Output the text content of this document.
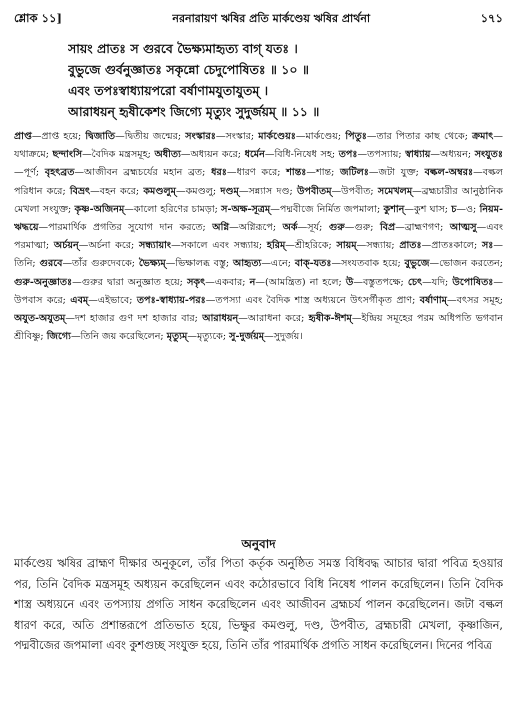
শ্লোক ১১]	নরনারায়ণ ঋষির প্রতি মার্কণ্ডেয় ঋষির প্রার্থনা	১৭১
সায়ং প্রাতঃ স গুরবে ভৈক্ষ্যমাহৃত্য বাগ্‌ যতঃ ।
বুভুজে গুর্বনুজ্ঞাতঃ সকৃন্নো চেদুপোষিতঃ ॥ ১০ ॥
এবং তপঃস্বাধ্যায়পরো বর্ষাণামযুতাযুতম্‌ ।
আরাধয়ন্‌ হৃষীকেশং জিগ্যে মৃত্যুং সুদুর্জয়ম্‌ ॥ ১১ ॥
প্রাপ্ত—প্রাপ্ত হয়ে; দ্বিজাতি—দ্বিতীয় জন্মের; সংস্কারঃ—সংস্কার; মার্কণ্ডেয়ঃ—মার্কণ্ডেয়; পিতুঃ—তার পিতার কাছ থেকে; ক্রমাৎ—যথাক্রমে; ছন্দাংসি—বৈদিক মন্ত্রসমূহ; অধীত্য—অধ্যয়ন করে; ধর্মেন—বিধি-নিষেধ সহ; তপঃ—তপস্যায়; স্বাধ্যায়—অধ্যয়ন; সংযুতঃ—পূর্ণ; বৃহৎব্রত—আজীবন ব্রহ্মচর্যের মহান ব্রত; ধরঃ—ধারণ করে; শান্তঃ—শান্ত; জটিলঃ—জটা যুক্ত; বল্কল-অম্বরঃ—বল্কল পরিধান করে; বিভ্রৎ—বহন করে; কমণ্ডলুম্‌—কমণ্ডলু; দণ্ডম্‌—সন্ন্যাস দণ্ড; উপবীতম্‌—উপবীত; সমেখলম্‌—ব্রহ্মচারীর আনুষ্ঠানিক মেখলা সংযুক্ত; কৃষ্ণ-অজিনম্‌—কালো হরিণের চামড়া; স-অক্ষ-সূত্রম্‌—পদ্মবীজে নির্মিত জপমালা; কুশান্‌—কুশ ঘাস; চ—ও; নিয়ম-ঋদ্ধয়ে—পারমার্থিক প্রগতির সুযোগ দান করতে; অগ্নি—অগ্নিরূপে; অর্ক—সূর্য; গুরু—গুরু; বিপ্র—ব্রাহ্মণগণ; আত্মসু—এবং পরমাত্মা; অর্চয়ন্‌—অর্চনা করে; সন্ধ্যায়াং—সকালে এবং সন্ধ্যায়; হরিম্‌—শ্রীহরিকে; সায়ম্‌—সন্ধ্যায়; প্রাতঃ—প্রাতঃকালে; সঃ—তিনি; গুরবে—তাঁর গুরুদেবকে; ভৈক্ষ্যম্‌—ভিক্ষালব্ধ বস্তু; আহৃত্য—এনে; বাক্‌-যতঃ—সংযতবাক হয়ে; বুভুজে—ভোজন করতেন; গুরু-অনুজ্ঞাতঃ—গুরুর দ্বারা অনুজ্ঞাত হয়ে; সকৃৎ—একবার; ন—(আমন্ত্রিত) না হলে; উ—বস্তুতপক্ষে; চেৎ—যদি; উপোষিতঃ—উপবাস করে; এবম্‌—এইভাবে; তপঃ-স্বাধ্যায়-পরঃ—তপস্যা এবং বৈদিক শাস্ত্র অধ্যয়নে উৎসর্গীকৃত প্রাণ; বর্ষাণাম্‌—বৎসর সমূহ; অযুত-অযুতম্‌—দশ হাজার গুণ দশ হাজার বার; আরাধয়ন্‌—আরাধনা করে; হৃষীক-ঈশম্‌—ইন্দ্রিয় সমূহের পরম অধিপতি ভগবান শ্রীবিষ্ণু; জিগ্যে—তিনি জয় করেছিলেন; মৃত্যুম্‌—মৃত্যুকে; সু-দুর্জয়ম্‌—সুদুর্জয়।
অনুবাদ
মার্কণ্ডেয় ঋষির ব্রাহ্মণ দীক্ষার অনুকূলে, তাঁর পিতা কর্তৃক অনুষ্ঠিত সমস্ত বিধিবদ্ধ আচার দ্বারা পবিত্র হওয়ার পর, তিনি বৈদিক মন্ত্রসমূহ অধ্যয়ন করেছিলেন এবং কঠোরভাবে বিধি নিষেধ পালন করেছিলেন। তিনি বৈদিক শাস্ত্র অধ্যয়নে এবং তপস্যায় প্রগতি সাধন করেছিলেন এবং আজীবন ব্রহ্মচর্য পালন করেছিলেন। জটা বল্কল ধারণ করে, অতি প্রশান্তরূপে প্রতিভাত হয়ে, ভিক্ষুর কমণ্ডলু, দণ্ড, উপবীত, ব্রহ্মচারী মেখলা, কৃষ্ণাজিন, পদ্মবীজের জপমালা এবং কুশগুচ্ছ সংযুক্ত হয়ে, তিনি তাঁর পারমার্থিক প্রগতি সাধন করেছিলেন। দিনের পবিত্র
